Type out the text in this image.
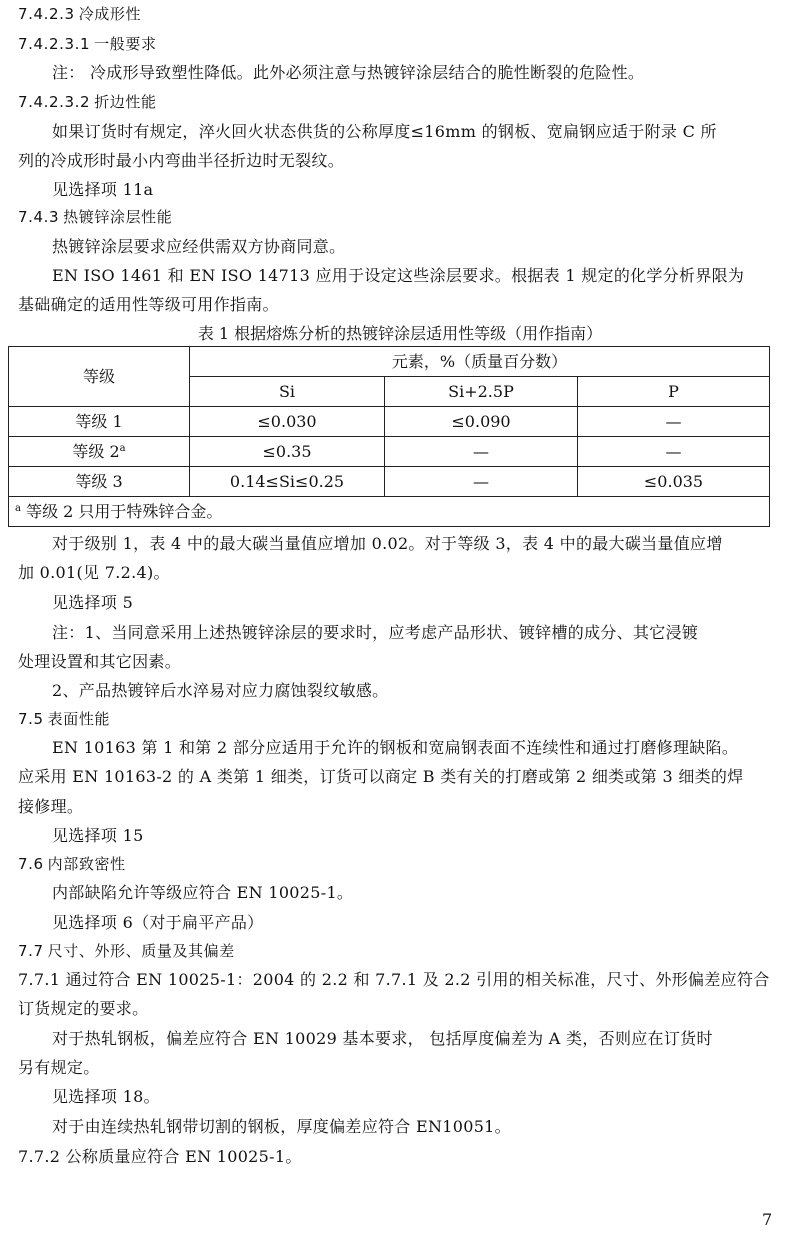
7.4.2.3 冷成形性
7.4.2.3.1 一般要求
注： 冷成形导致塑性降低。此外必须注意与热镀锌涂层结合的脆性断裂的危险性。
7.4.2.3.2 折边性能
如果订货时有规定，淬火回火状态供货的公称厚度≤16mm 的钢板、宽扁钢应适于附录 C 所
列的冷成形时最小内弯曲半径折边时无裂纹。
见选择项 11a
7.4.3 热镀锌涂层性能
热镀锌涂层要求应经供需双方协商同意。
EN ISO 1461 和 EN ISO 14713 应用于设定这些涂层要求。根据表 1 规定的化学分析界限为
基础确定的适用性等级可用作指南。
表 1 根据熔炼分析的热镀锌涂层适用性等级（用作指南）
等级	元素，%（质量百分数）		
	Si	Si+2.5P	P
等级 1	≤0.030	≤0.090	—
等级 $2^a$	≤0.35	—	—
等级 3	0.14≤Si≤0.25	—	≤0.035
$^a$ 等级 2 只用于特殊锌合金。			
对于级别 1，表 4 中的最大碳当量值应增加 0.02。对于等级 3，表 4 中的最大碳当量值应增
加 0.01(见 7.2.4)。
见选择项 5
注：1、当同意采用上述热镀锌涂层的要求时，应考虑产品形状、镀锌槽的成分、其它浸镀
处理设置和其它因素。
2、产品热镀锌后水淬易对应力腐蚀裂纹敏感。
7.5 表面性能
EN 10163 第 1 和第 2 部分应适用于允许的钢板和宽扁钢表面不连续性和通过打磨修理缺陷。
应采用 EN 10163-2 的 A 类第 1 细类，订货可以商定 B 类有关的打磨或第 2 细类或第 3 细类的焊
接修理。
见选择项 15
7.6 内部致密性
内部缺陷允许等级应符合 EN 10025-1。
见选择项 6（对于扁平产品）
7.7 尺寸、外形、质量及其偏差
7.7.1 通过符合 EN 10025-1：2004 的 2.2 和 7.7.1 及 2.2 引用的相关标准，尺寸、外形偏差应符合
订货规定的要求。
对于热轧钢板，偏差应符合 EN 10029 基本要求， 包括厚度偏差为 A 类，否则应在订货时
另有规定。
见选择项 18。
对于由连续热轧钢带切割的钢板，厚度偏差应符合 EN10051。
7.7.2 公称质量应符合 EN 10025-1。
7
